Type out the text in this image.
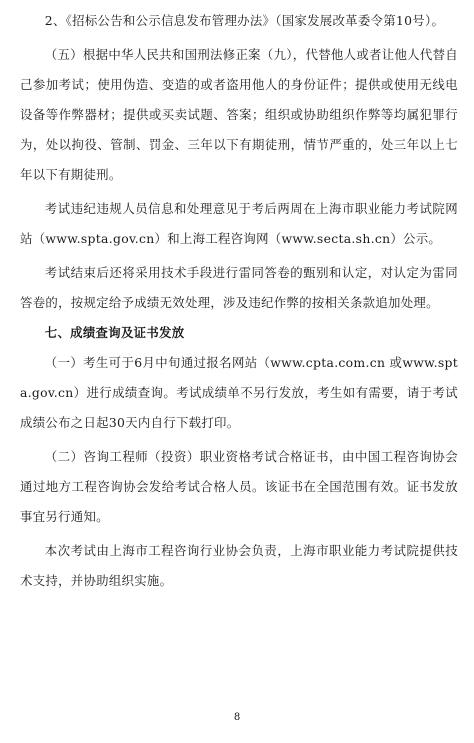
2、《招标公告和公示信息发布管理办法》（国家发展改革委令第10号）。

（五）根据中华人民共和国刑法修正案（九），代替他人或者让他人代替自己参加考试；使用伪造、变造的或者盗用他人的身份证件；提供或使用无线电设备等作弊器材；提供或买卖试题、答案；组织或协助组织作弊等均属犯罪行为，处以拘役、管制、罚金、三年以下有期徒刑，情节严重的，处三年以上七年以下有期徒刑。

考试违纪违规人员信息和处理意见于考后两周在上海市职业能力考试院网站（www.spta.gov.cn）和上海工程咨询网（www.secta.sh.cn）公示。

考试结束后还将采用技术手段进行雷同答卷的甄别和认定，对认定为雷同答卷的，按规定给予成绩无效处理，涉及违纪作弊的按相关条款追加处理。

七、成绩查询及证书发放

（一）考生可于6月中旬通过报名网站（www.cpta.com.cn 或www.spta.gov.cn）进行成绩查询。考试成绩单不另行发放，考生如有需要，请于考试成绩公布之日起30天内自行下载打印。

（二）咨询工程师（投资）职业资格考试合格证书，由中国工程咨询协会通过地方工程咨询协会发给考试合格人员。该证书在全国范围有效。证书发放事宜另行通知。

本次考试由上海市工程咨询行业协会负责，上海市职业能力考试院提供技术支持，并协助组织实施。

8
